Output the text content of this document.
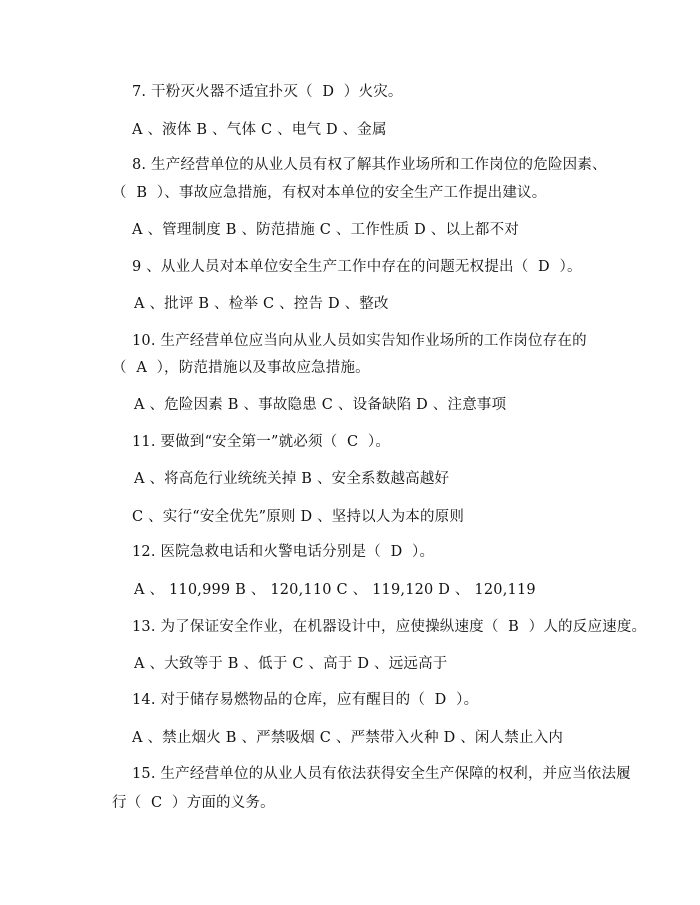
7. 干粉灭火器不适宜扑灭（  D  ）火灾。
A 、液体 B 、气体 C 、电气 D 、金属
8. 生产经营单位的从业人员有权了解其作业场所和工作岗位的危险因素、
（  B  ）、事故应急措施，有权对本单位的安全生产工作提出建议。
A 、管理制度 B 、防范措施 C 、工作性质 D 、以上都不对
9 、从业人员对本单位安全生产工作中存在的问题无权提出（  D  ）。
A 、批评 B 、检举 C 、控告 D 、整改
10. 生产经营单位应当向从业人员如实告知作业场所的工作岗位存在的
（  A  ），防范措施以及事故应急措施。
A 、危险因素 B 、事故隐患 C 、设备缺陷 D 、注意事项
11. 要做到“安全第一”就必须（  C  ）。
A 、将高危行业统统关掉 B 、安全系数越高越好
C 、实行“安全优先”原则 D 、坚持以人为本的原则
12. 医院急救电话和火警电话分别是（  D  ）。
A 、 110,999 B 、 120,110 C 、 119,120 D 、 120,119
13. 为了保证安全作业，在机器设计中，应使操纵速度（  B  ）人的反应速度。
A 、大致等于 B 、低于 C 、高于 D 、远远高于
14. 对于储存易燃物品的仓库，应有醒目的（  D  ）。
A 、禁止烟火 B 、严禁吸烟 C 、严禁带入火种 D 、闲人禁止入内
15. 生产经营单位的从业人员有依法获得安全生产保障的权利，并应当依法履
行（  C  ）方面的义务。
